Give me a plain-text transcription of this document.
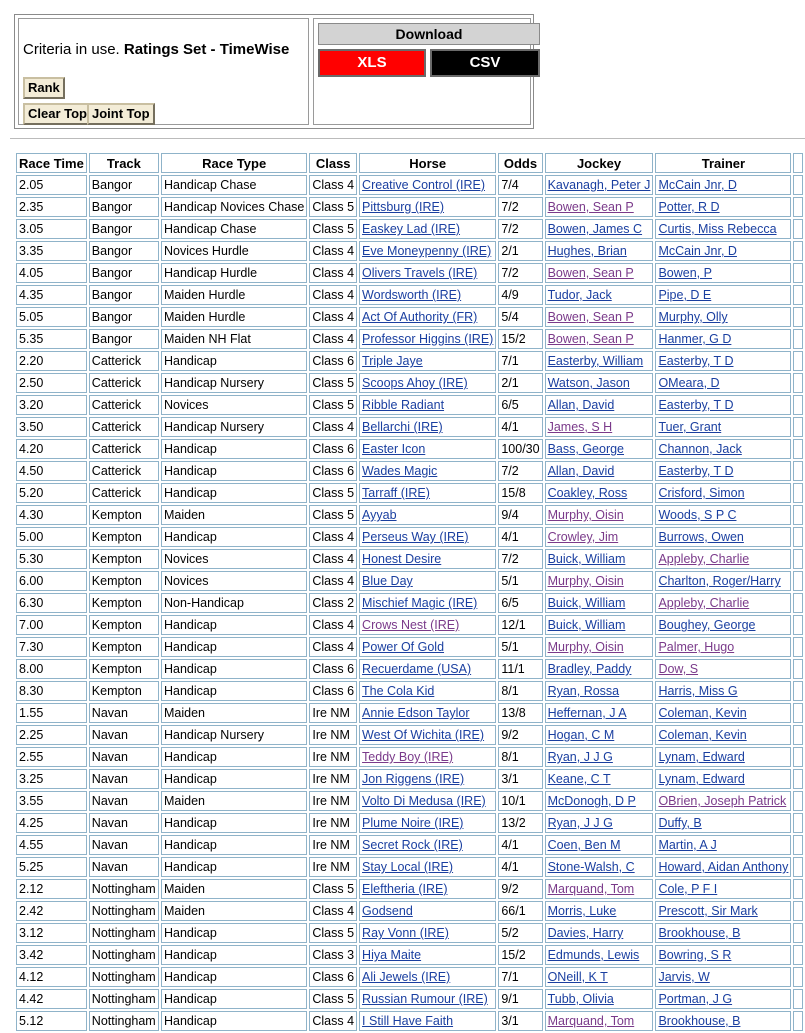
Criteria in use. Ratings Set - TimeWise
Rank
Clear Top Joint Top
Download
XLS	CSV
Race Time	Track	Race Type	Class	Horse	Odds	Jockey	Trainer	
2.05	Bangor	Handicap Chase	Class 4	Creative Control (IRE)	7/4	Kavanagh, Peter J	McCain Jnr, D	
2.35	Bangor	Handicap Novices Chase	Class 5	Pittsburg (IRE)	7/2	Bowen, Sean P	Potter, R D	
3.05	Bangor	Handicap Chase	Class 5	Easkey Lad (IRE)	7/2	Bowen, James C	Curtis, Miss Rebecca	
3.35	Bangor	Novices Hurdle	Class 4	Eve Moneypenny (IRE)	2/1	Hughes, Brian	McCain Jnr, D	
4.05	Bangor	Handicap Hurdle	Class 4	Olivers Travels (IRE)	7/2	Bowen, Sean P	Bowen, P	
4.35	Bangor	Maiden Hurdle	Class 4	Wordsworth (IRE)	4/9	Tudor, Jack	Pipe, D E	
5.05	Bangor	Maiden Hurdle	Class 4	Act Of Authority (FR)	5/4	Bowen, Sean P	Murphy, Olly	
5.35	Bangor	Maiden NH Flat	Class 4	Professor Higgins (IRE)	15/2	Bowen, Sean P	Hanmer, G D	
2.20	Catterick	Handicap	Class 6	Triple Jaye	7/1	Easterby, William	Easterby, T D	
2.50	Catterick	Handicap Nursery	Class 5	Scoops Ahoy (IRE)	2/1	Watson, Jason	OMeara, D	
3.20	Catterick	Novices	Class 5	Ribble Radiant	6/5	Allan, David	Easterby, T D	
3.50	Catterick	Handicap Nursery	Class 4	Bellarchi (IRE)	4/1	James, S H	Tuer, Grant	
4.20	Catterick	Handicap	Class 6	Easter Icon	100/30	Bass, George	Channon, Jack	
4.50	Catterick	Handicap	Class 6	Wades Magic	7/2	Allan, David	Easterby, T D	
5.20	Catterick	Handicap	Class 5	Tarraff (IRE)	15/8	Coakley, Ross	Crisford, Simon	
4.30	Kempton	Maiden	Class 5	Ayyab	9/4	Murphy, Oisin	Woods, S P C	
5.00	Kempton	Handicap	Class 4	Perseus Way (IRE)	4/1	Crowley, Jim	Burrows, Owen	
5.30	Kempton	Novices	Class 4	Honest Desire	7/2	Buick, William	Appleby, Charlie	
6.00	Kempton	Novices	Class 4	Blue Day	5/1	Murphy, Oisin	Charlton, Roger/Harry	
6.30	Kempton	Non-Handicap	Class 2	Mischief Magic (IRE)	6/5	Buick, William	Appleby, Charlie	
7.00	Kempton	Handicap	Class 4	Crows Nest (IRE)	12/1	Buick, William	Boughey, George	
7.30	Kempton	Handicap	Class 4	Power Of Gold	5/1	Murphy, Oisin	Palmer, Hugo	
8.00	Kempton	Handicap	Class 6	Recuerdame (USA)	11/1	Bradley, Paddy	Dow, S	
8.30	Kempton	Handicap	Class 6	The Cola Kid	8/1	Ryan, Rossa	Harris, Miss G	
1.55	Navan	Maiden	Ire NM	Annie Edson Taylor	13/8	Heffernan, J A	Coleman, Kevin	
2.25	Navan	Handicap Nursery	Ire NM	West Of Wichita (IRE)	9/2	Hogan, C M	Coleman, Kevin	
2.55	Navan	Handicap	Ire NM	Teddy Boy (IRE)	8/1	Ryan, J J G	Lynam, Edward	
3.25	Navan	Handicap	Ire NM	Jon Riggens (IRE)	3/1	Keane, C T	Lynam, Edward	
3.55	Navan	Maiden	Ire NM	Volto Di Medusa (IRE)	10/1	McDonogh, D P	OBrien, Joseph Patrick	
4.25	Navan	Handicap	Ire NM	Plume Noire (IRE)	13/2	Ryan, J J G	Duffy, B	
4.55	Navan	Handicap	Ire NM	Secret Rock (IRE)	4/1	Coen, Ben M	Martin, A J	
5.25	Navan	Handicap	Ire NM	Stay Local (IRE)	4/1	Stone-Walsh, C	Howard, Aidan Anthony	
2.12	Nottingham	Maiden	Class 5	Eleftheria (IRE)	9/2	Marquand, Tom	Cole, P F I	
2.42	Nottingham	Maiden	Class 4	Godsend	66/1	Morris, Luke	Prescott, Sir Mark	
3.12	Nottingham	Handicap	Class 5	Ray Vonn (IRE)	5/2	Davies, Harry	Brookhouse, B	
3.42	Nottingham	Handicap	Class 3	Hiya Maite	15/2	Edmunds, Lewis	Bowring, S R	
4.12	Nottingham	Handicap	Class 6	Ali Jewels (IRE)	7/1	ONeill, K T	Jarvis, W	
4.42	Nottingham	Handicap	Class 5	Russian Rumour (IRE)	9/1	Tubb, Olivia	Portman, J G	
5.12	Nottingham	Handicap	Class 4	I Still Have Faith	3/1	Marquand, Tom	Brookhouse, B	
